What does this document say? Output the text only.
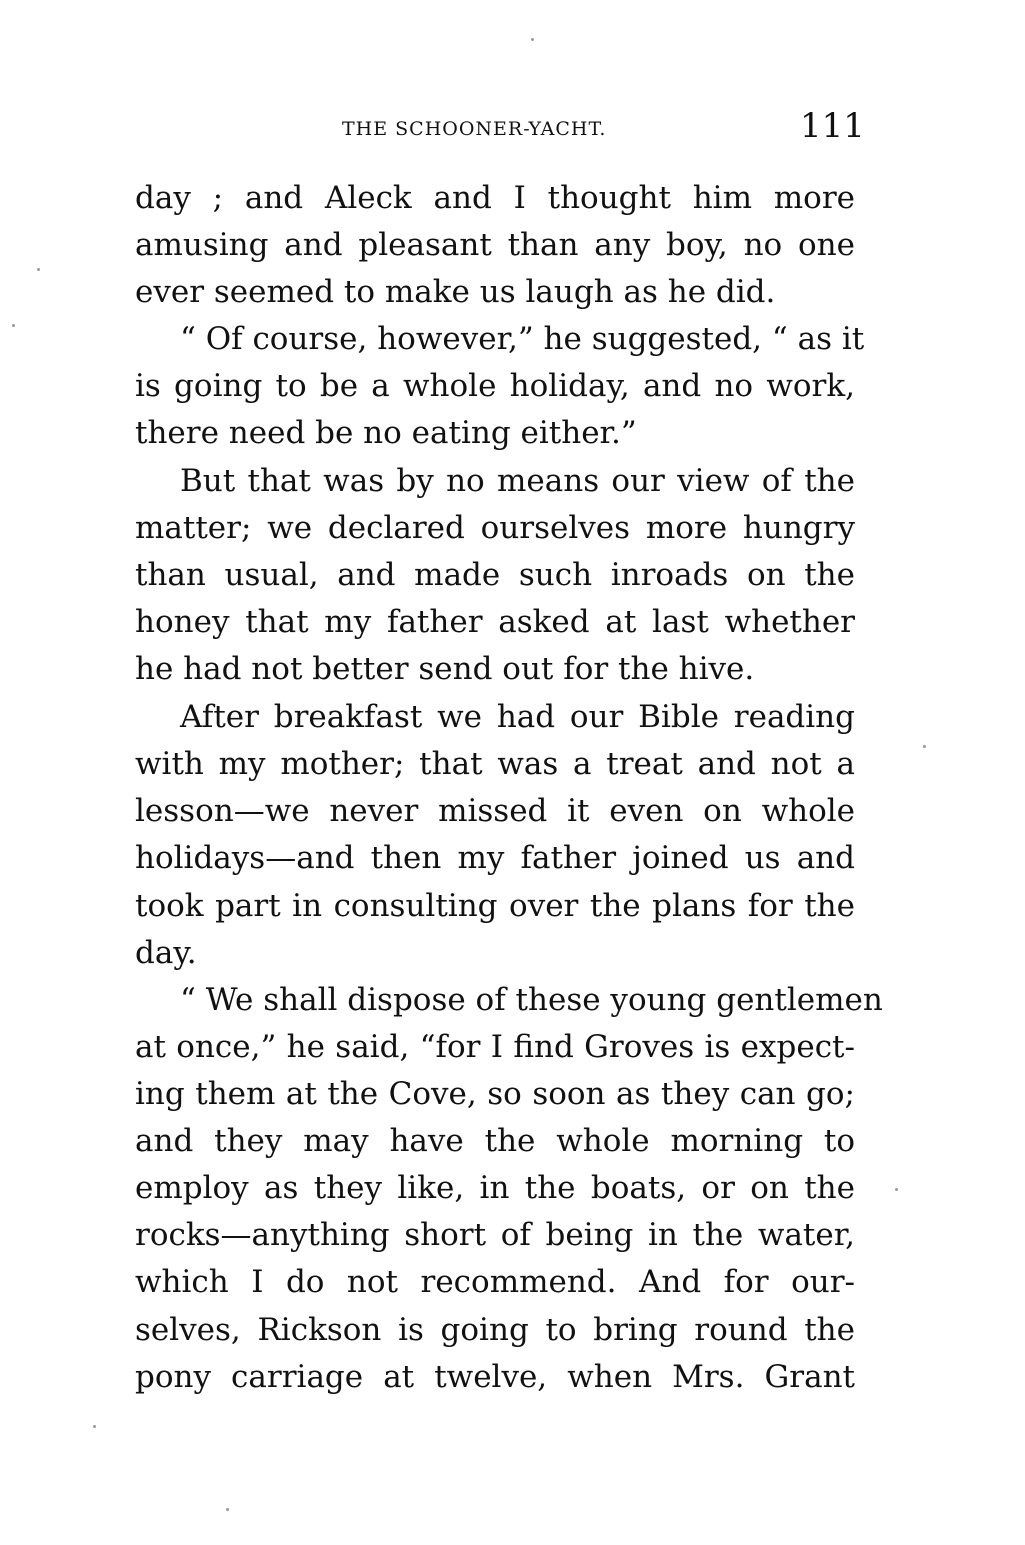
THE SCHOONER-YACHT.	111
day ; and Aleck and I thought him more
amusing and pleasant than any boy, no one
ever seemed to make us laugh as he did.
“ Of course, however,” he suggested, “ as it
is going to be a whole holiday, and no work,
there need be no eating either.”
But that was by no means our view of the
matter; we declared ourselves more hungry
than usual, and made such inroads on the
honey that my father asked at last whether
he had not better send out for the hive.
After breakfast we had our Bible reading
with my mother; that was a treat and not a
lesson—we never missed it even on whole
holidays—and then my father joined us and
took part in consulting over the plans for the
day.
“ We shall dispose of these young gentlemen
at once,” he said, “for I find Groves is expect-
ing them at the Cove, so soon as they can go;
and they may have the whole morning to
employ as they like, in the boats, or on the
rocks—anything short of being in the water,
which I do not recommend. And for our-
selves, Rickson is going to bring round the
pony carriage at twelve, when Mrs. Grant
